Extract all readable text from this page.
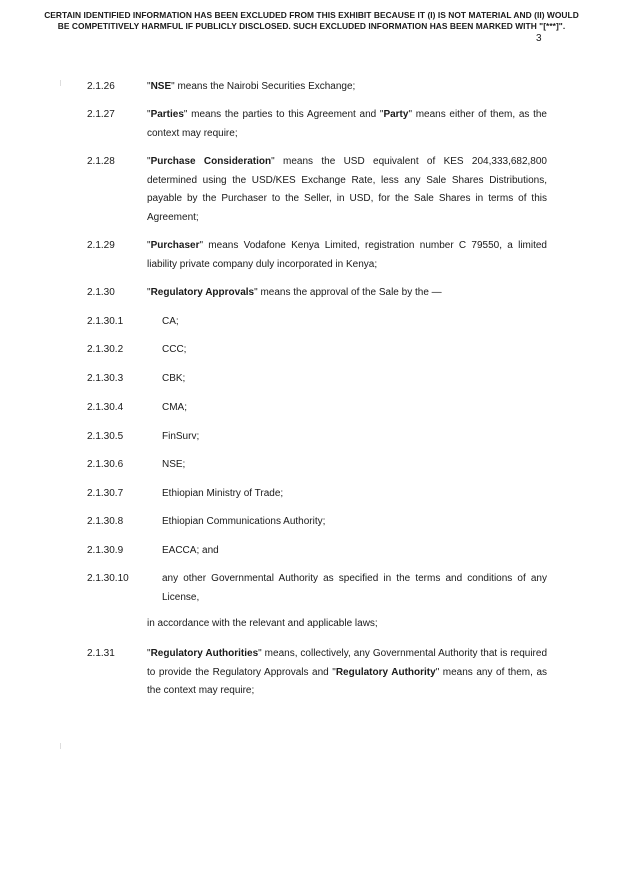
CERTAIN IDENTIFIED INFORMATION HAS BEEN EXCLUDED FROM THIS EXHIBIT BECAUSE IT (I) IS NOT MATERIAL AND (II) WOULD
BE COMPETITIVELY HARMFUL IF PUBLICLY DISCLOSED. SUCH EXCLUDED INFORMATION HAS BEEN MARKED WITH "[***]".
3
2.1.26	"NSE" means the Nairobi Securities Exchange;
2.1.27	"Parties" means the parties to this Agreement and "Party" means either of them, as the context may require;
2.1.28	"Purchase Consideration" means the USD equivalent of KES 204,333,682,800 determined using the USD/KES Exchange Rate, less any Sale Shares Distributions, payable by the Purchaser to the Seller, in USD, for the Sale Shares in terms of this Agreement;
2.1.29	"Purchaser" means Vodafone Kenya Limited, registration number C 79550, a limited liability private company duly incorporated in Kenya;
2.1.30	"Regulatory Approvals" means the approval of the Sale by the —
2.1.30.1	CA;
2.1.30.2	CCC;
2.1.30.3	CBK;
2.1.30.4	CMA;
2.1.30.5	FinSurv;
2.1.30.6	NSE;
2.1.30.7	Ethiopian Ministry of Trade;
2.1.30.8	Ethiopian Communications Authority;
2.1.30.9	EACCA; and
2.1.30.10	any other Governmental Authority as specified in the terms and conditions of any License,
in accordance with the relevant and applicable laws;
2.1.31	"Regulatory Authorities" means, collectively, any Governmental Authority that is required to provide the Regulatory Approvals and "Regulatory Authority" means any of them, as the context may require;
